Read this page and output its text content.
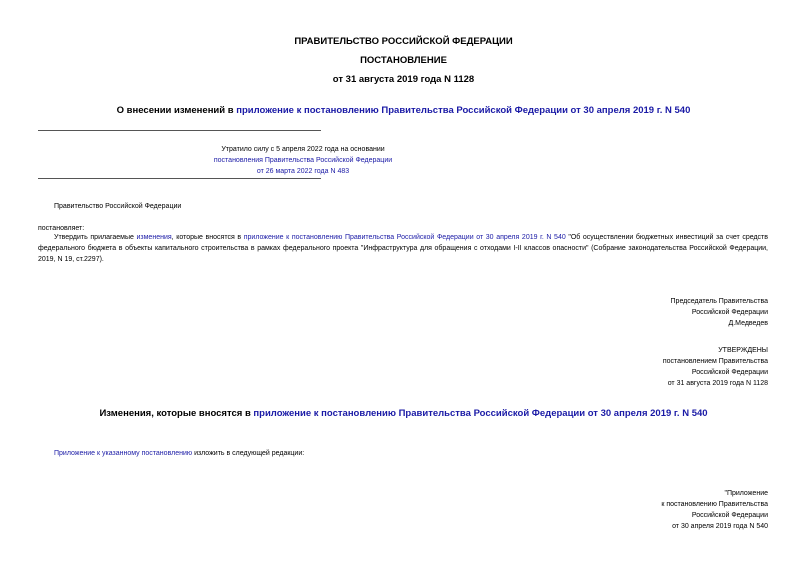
ПРАВИТЕЛЬСТВО РОССИЙСКОЙ ФЕДЕРАЦИИ
ПОСТАНОВЛЕНИЕ
от 31 августа 2019 года N 1128
О внесении изменений в приложение к постановлению Правительства Российской Федерации от 30 апреля 2019 г. N 540
Утратило силу с 5 апреля 2022 года на основании
постановления Правительства Российской Федерации
от 26 марта 2022 года N 483
Правительство Российской Федерации
постановляет:
Утвердить прилагаемые изменения, которые вносятся в приложение к постановлению Правительства Российской Федерации от 30 апреля 2019 г. N 540 "Об осуществлении бюджетных инвестиций за счет средств федерального бюджета в объекты капитального строительства в рамках федерального проекта "Инфраструктура для обращения с отходами I-II классов опасности" (Собрание законодательства Российской Федерации, 2019, N 19, ст.2297).
Председатель Правительства
Российской Федерации
Д.Медведев
УТВЕРЖДЕНЫ
постановлением Правительства
Российской Федерации
от 31 августа 2019 года N 1128
Изменения, которые вносятся в приложение к постановлению Правительства Российской Федерации от 30 апреля 2019 г. N 540
Приложение к указанному постановлению изложить в следующей редакции:
"Приложение
к постановлению Правительства
Российской Федерации
от 30 апреля 2019 года N 540
